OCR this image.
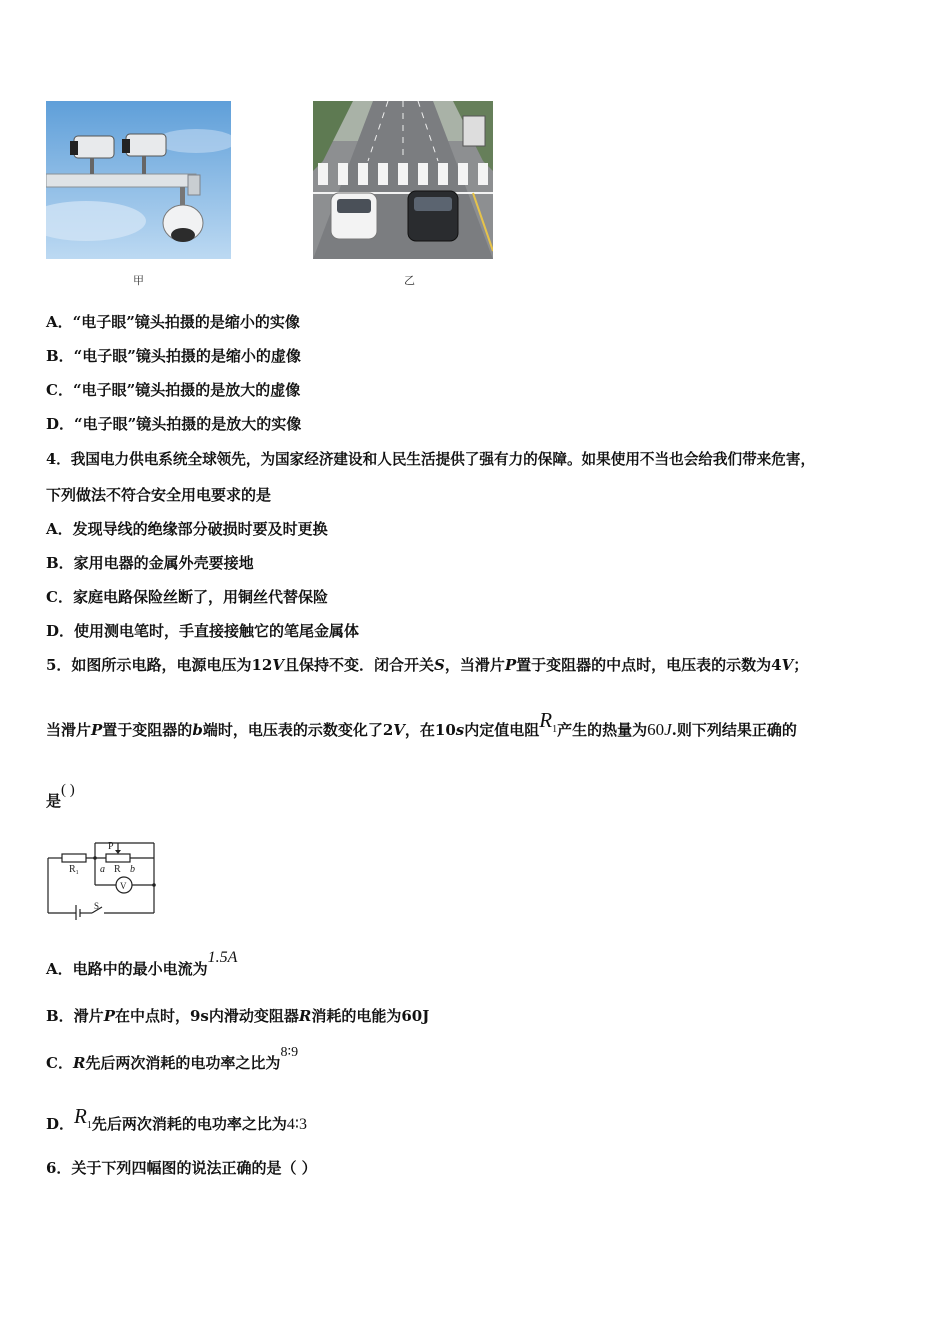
甲	乙
A．“电子眼”镜头拍摄的是缩小的实像
B．“电子眼”镜头拍摄的是缩小的虚像
C．“电子眼”镜头拍摄的是放大的虚像
D．“电子眼”镜头拍摄的是放大的实像
4．我国电力供电系统全球领先，为国家经济建设和人民生活提供了强有力的保障。如果使用不当也会给我们带来危害，
下列做法不符合安全用电要求的是
A．发现导线的绝缘部分破损时要及时更换
B．家用电器的金属外壳要接地
C．家庭电路保险丝断了，用铜丝代替保险
D．使用测电笔时，手直接接触它的笔尾金属体
5．如图所示电路，电源电压为12V且保持不变．闭合开关S，当滑片P置于变阻器的中点时，电压表的示数为4V；
当滑片P置于变阻器的b端时，电压表的示数变化了2V，在10s内定值电阻$R_1$产生的热量为60J.则下列结果正确的
是( )
$R_1$
P
a R b
V
S
A．电路中的最小电流为1.5A
B．滑片P在中点时，9s内滑动变阻器R消耗的电能为60J
C．R先后两次消耗的电功率之比为8∶9
D．$R_1$先后两次消耗的电功率之比为4∶3
6．关于下列四幅图的说法正确的是（ ）
